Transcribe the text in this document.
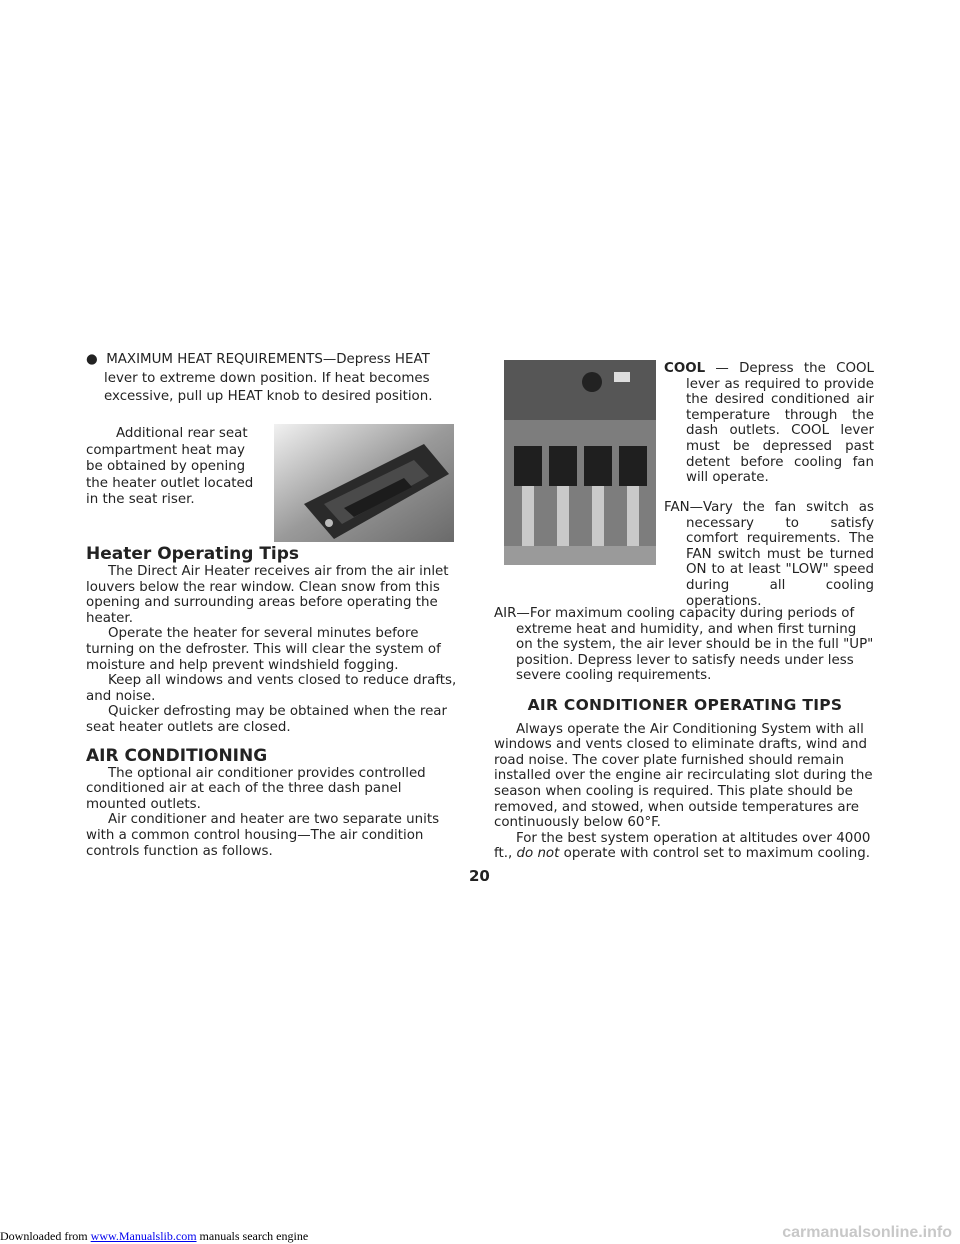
● MAXIMUM HEAT REQUIREMENTS—Depress HEAT lever to extreme down position. If heat becomes excessive, pull up HEAT knob to desired position.

Additional rear seat compartment heat may be obtained by opening the heater outlet located in the seat riser.

Heater Operating Tips

The Direct Air Heater receives air from the air inlet louvers below the rear window. Clean snow from this opening and surrounding areas before operating the heater.

Operate the heater for several minutes before turning on the defroster. This will clear the system of moisture and help prevent windshield fogging.

Keep all windows and vents closed to reduce drafts, and noise.

Quicker defrosting may be obtained when the rear seat heater outlets are closed.

AIR CONDITIONING

The optional air conditioner provides controlled conditioned air at each of the three dash panel mounted outlets.

Air conditioner and heater are two separate units with a common control housing—The air condition controls function as follows.

COOL — Depress the COOL lever as required to provide the desired conditioned air temperature through the dash outlets. COOL lever must be depressed past detent before cooling fan will operate.

FAN—Vary the fan switch as necessary to satisfy comfort requirements. The FAN switch must be turned ON to at least "LOW" speed during all cooling operations.

AIR—For maximum cooling capacity during periods of extreme heat and humidity, and when first turning on the system, the air lever should be in the full "UP" position. Depress lever to satisfy needs under less severe cooling requirements.

AIR CONDITIONER OPERATING TIPS

Always operate the Air Conditioning System with all windows and vents closed to eliminate drafts, wind and road noise. The cover plate furnished should remain installed over the engine air recirculating slot during the season when cooling is required. This plate should be removed, and stowed, when outside temperatures are continuously below 60°F.

For the best system operation at altitudes over 4000 ft., do not operate with control set to maximum cooling.

20
Downloaded from www.Manualslib.com manuals search engine	carmanualsonline.info
